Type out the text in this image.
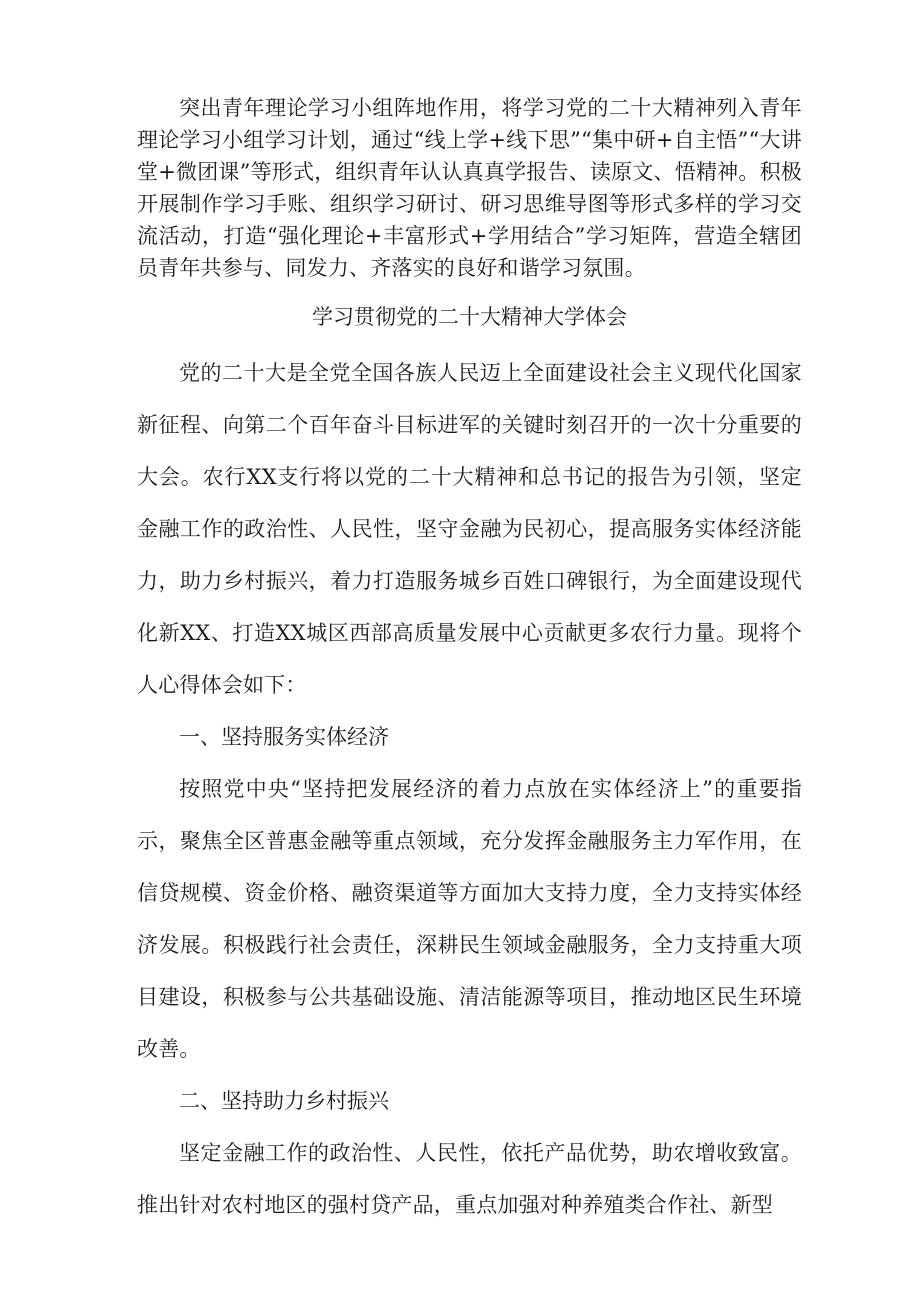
突出青年理论学习小组阵地作用，将学习党的二十大精神列入青年理论学习小组学习计划，通过“线上学+线下思”“集中研+自主悟”“大讲堂+微团课”等形式，组织青年认认真真学报告、读原文、悟精神。积极开展制作学习手账、组织学习研讨、研习思维导图等形式多样的学习交流活动，打造“强化理论+丰富形式+学用结合”学习矩阵，营造全辖团员青年共参与、同发力、齐落实的良好和谐学习氛围。

学习贯彻党的二十大精神大学体会

党的二十大是全党全国各族人民迈上全面建设社会主义现代化国家新征程、向第二个百年奋斗目标进军的关键时刻召开的一次十分重要的大会。农行XX支行将以党的二十大精神和总书记的报告为引领，坚定金融工作的政治性、人民性，坚守金融为民初心，提高服务实体经济能力，助力乡村振兴，着力打造服务城乡百姓口碑银行，为全面建设现代化新XX、打造XX城区西部高质量发展中心贡献更多农行力量。现将个人心得体会如下：

一、坚持服务实体经济

按照党中央“坚持把发展经济的着力点放在实体经济上”的重要指示，聚焦全区普惠金融等重点领域，充分发挥金融服务主力军作用，在信贷规模、资金价格、融资渠道等方面加大支持力度，全力支持实体经济发展。积极践行社会责任，深耕民生领域金融服务，全力支持重大项目建设，积极参与公共基础设施、清洁能源等项目，推动地区民生环境改善。

二、坚持助力乡村振兴

坚定金融工作的政治性、人民性，依托产品优势，助农增收致富。推出针对农村地区的强村贷产品，重点加强对种养殖类合作社、新型
